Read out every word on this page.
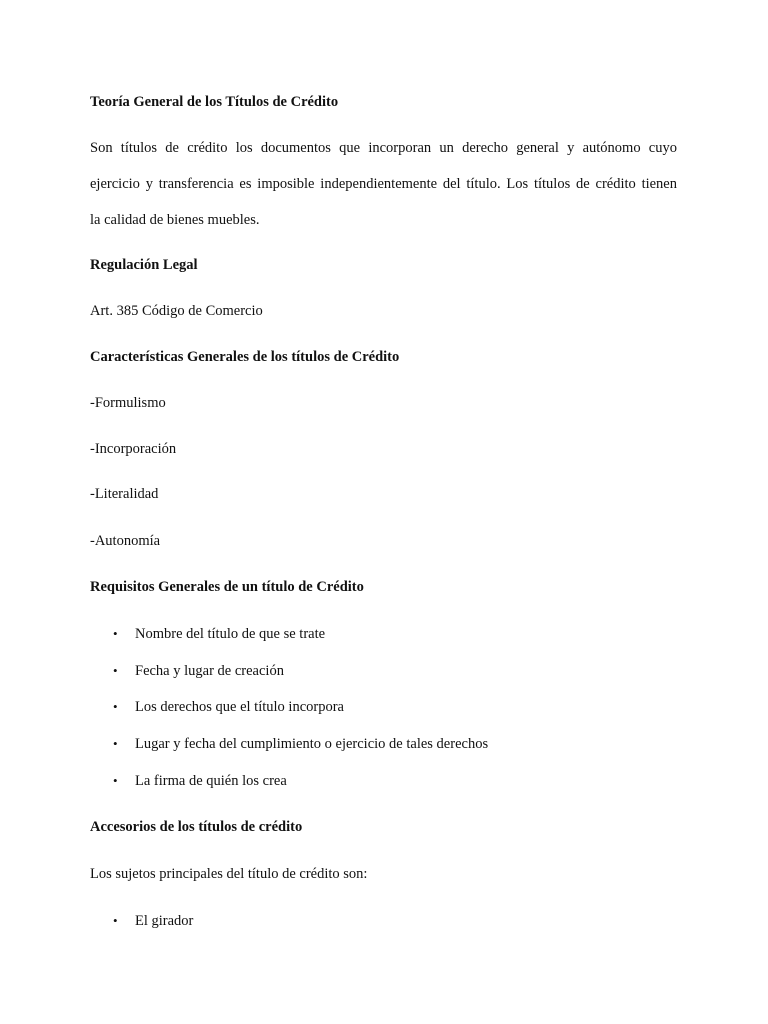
Teoría General de los Títulos de Crédito
Son títulos de crédito los documentos que incorporan un derecho general y autónomo cuyo
ejercicio y transferencia es imposible independientemente del título. Los títulos de crédito tienen
la calidad de bienes muebles.
Regulación Legal
Art. 385 Código de Comercio
Características Generales de los títulos de Crédito
-Formulismo
-Incorporación
-Literalidad
-Autonomía
Requisitos Generales de un título de Crédito
• Nombre del título de que se trate
• Fecha y lugar de creación
• Los derechos que el título incorpora
• Lugar y fecha del cumplimiento o ejercicio de tales derechos
• La firma de quién los crea
Accesorios de los títulos de crédito
Los sujetos principales del título de crédito son:
• El girador
